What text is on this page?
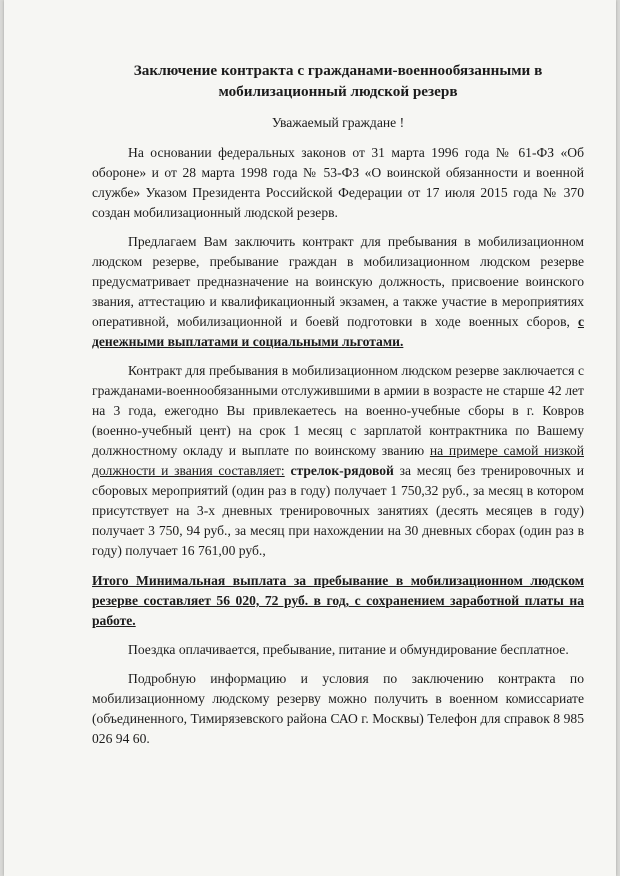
Заключение контракта с гражданами-военнообязанными в мобилизационный людской резерв
Уважаемый граждане !

На основании федеральных законов от 31 марта 1996 года № 61-ФЗ «Об обороне» и от 28 марта 1998 года № 53-ФЗ «О воинской обязанности и военной службе» Указом Президента Российской Федерации от 17 июля 2015 года № 370 создан мобилизационный людской резерв.

Предлагаем Вам заключить контракт для пребывания в мобилизационном людском резерве, пребывание граждан в мобилизационном людском резерве предусматривает предназначение на воинскую должность, присвоение воинского звания, аттестацию и квалификационный экзамен, а также участие в мероприятиях оперативной, мобилизационной и боевй подготовки в ходе военных сборов, с денежными выплатами и социальными льготами.

Контракт для пребывания в мобилизационном людском резерве заключается с гражданами-военнообязанными отслужившими в армии в возрасте не старше 42 лет на 3 года, ежегодно Вы привлекаетесь на военно-учебные сборы в г. Ковров (военно-учебный цент) на срок 1 месяц с зарплатой контрактника по Вашему должностному окладу и выплате по воинскому званию на примере самой низкой должности и звания составляет: стрелок-рядовой за месяц без тренировочных и сборовых мероприятий (один раз в году) получает 1 750,32 руб., за месяц в котором присутствует на 3-х дневных тренировочных занятиях (десять месяцев в году) получает 3 750, 94 руб., за месяц при нахождении на 30 дневных сборах (один раз в году) получает 16 761,00 руб.,

Итого Минимальная выплата за пребывание в мобилизационном людском резерве составляет 56 020, 72 руб. в год, с сохранением заработной платы на работе.

Поездка оплачивается, пребывание, питание и обмундирование бесплатное.

Подробную информацию и условия по заключению контракта по мобилизационному людскому резерву можно получить в военном комиссариате (объединенного, Тимирязевского района САО г. Москвы) Телефон для справок 8 985 026 94 60.
